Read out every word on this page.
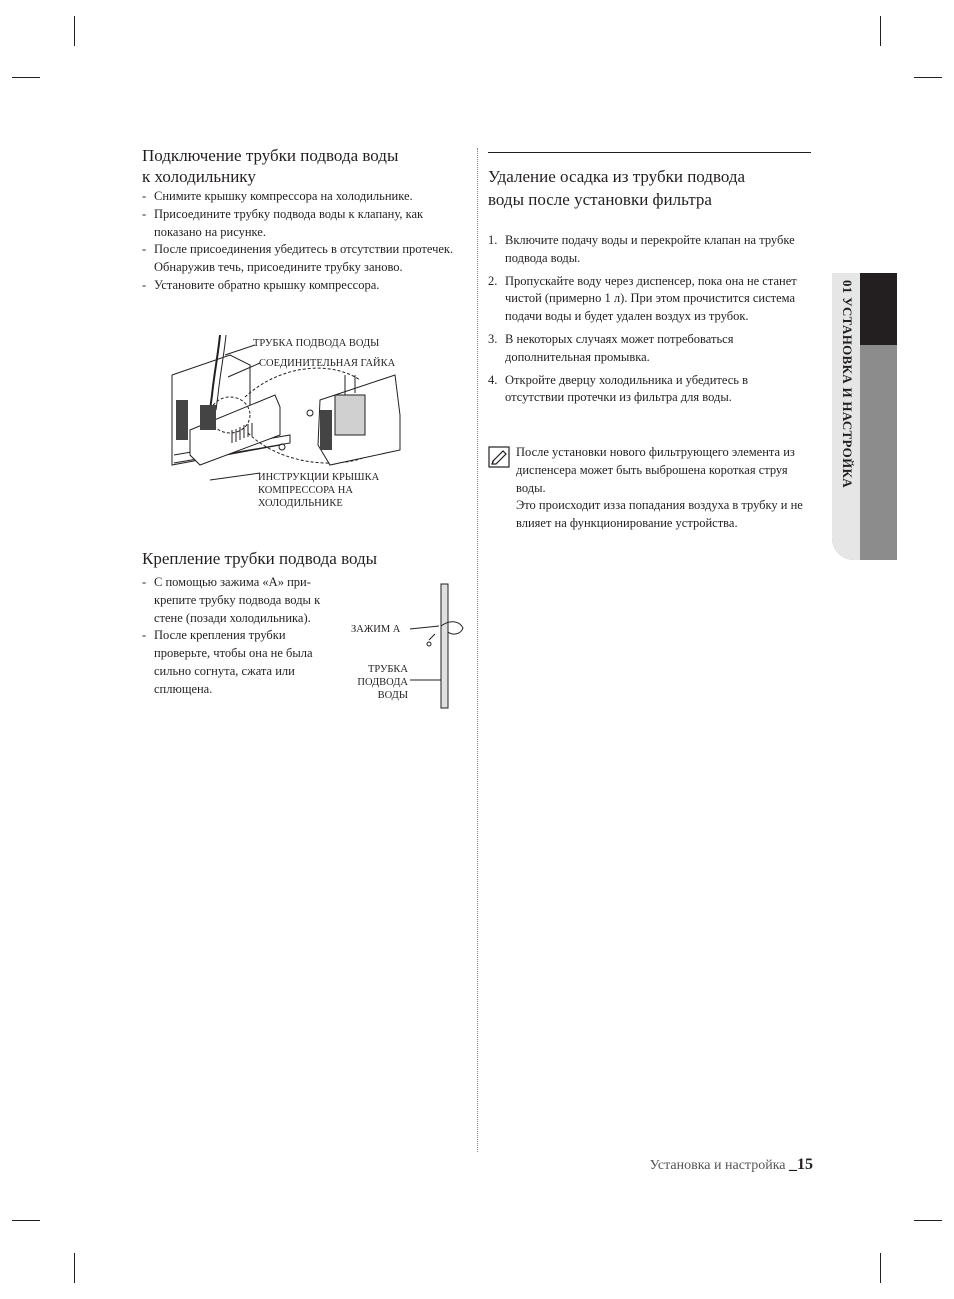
Подключение трубки подвода воды
к холодильнику
- Снимите крышку компрессора на холодильнике.
- Присоедините трубку подвода воды к клапану, как показано на рисунке.
- После присоединения убедитесь в отсутствии протечек. Обнаружив течь, присоедините трубку заново.
- Установите обратно крышку компрессора.
ТРУБКА ПОДВОДА ВОДЫ
СОЕДИНИТЕЛЬНАЯ ГАЙКА
ИНСТРУКЦИИ КРЫШКА
КОМПРЕССОРА НА
ХОЛОДИЛЬНИКЕ
Крепление трубки подвода воды
- С помощью зажима «А» при- крепите трубку подвода воды к стене (позади холодильника).
- После крепления трубки проверьте, чтобы она не была сильно согнута, сжата или сплющена.
ЗАЖИМ А
ТРУБКА
ПОДВОДА
ВОДЫ
Удаление осадка из трубки подвода
воды после установки фильтра
1. Включите подачу воды и перекройте клапан на трубке подвода воды.
2. Пропускайте воду через диспенсер, пока она не станет чистой (примерно 1 л). При этом прочистится система подачи воды и будет удален воздух из трубок.
3. В некоторых случаях может потребоваться дополнительная промывка.
4. Откройте дверцу холодильника и убедитесь в отсутствии протечки из фильтра для воды.

После установки нового фильтрующего элемента из диспенсера может быть выброшена короткая струя воды.

Это происходит изза попадания воздуха в трубку и не влияет на функционирование устройства.

01 УСТАНОВКА И НАСТРОЙКА
Установка и настройка _15
